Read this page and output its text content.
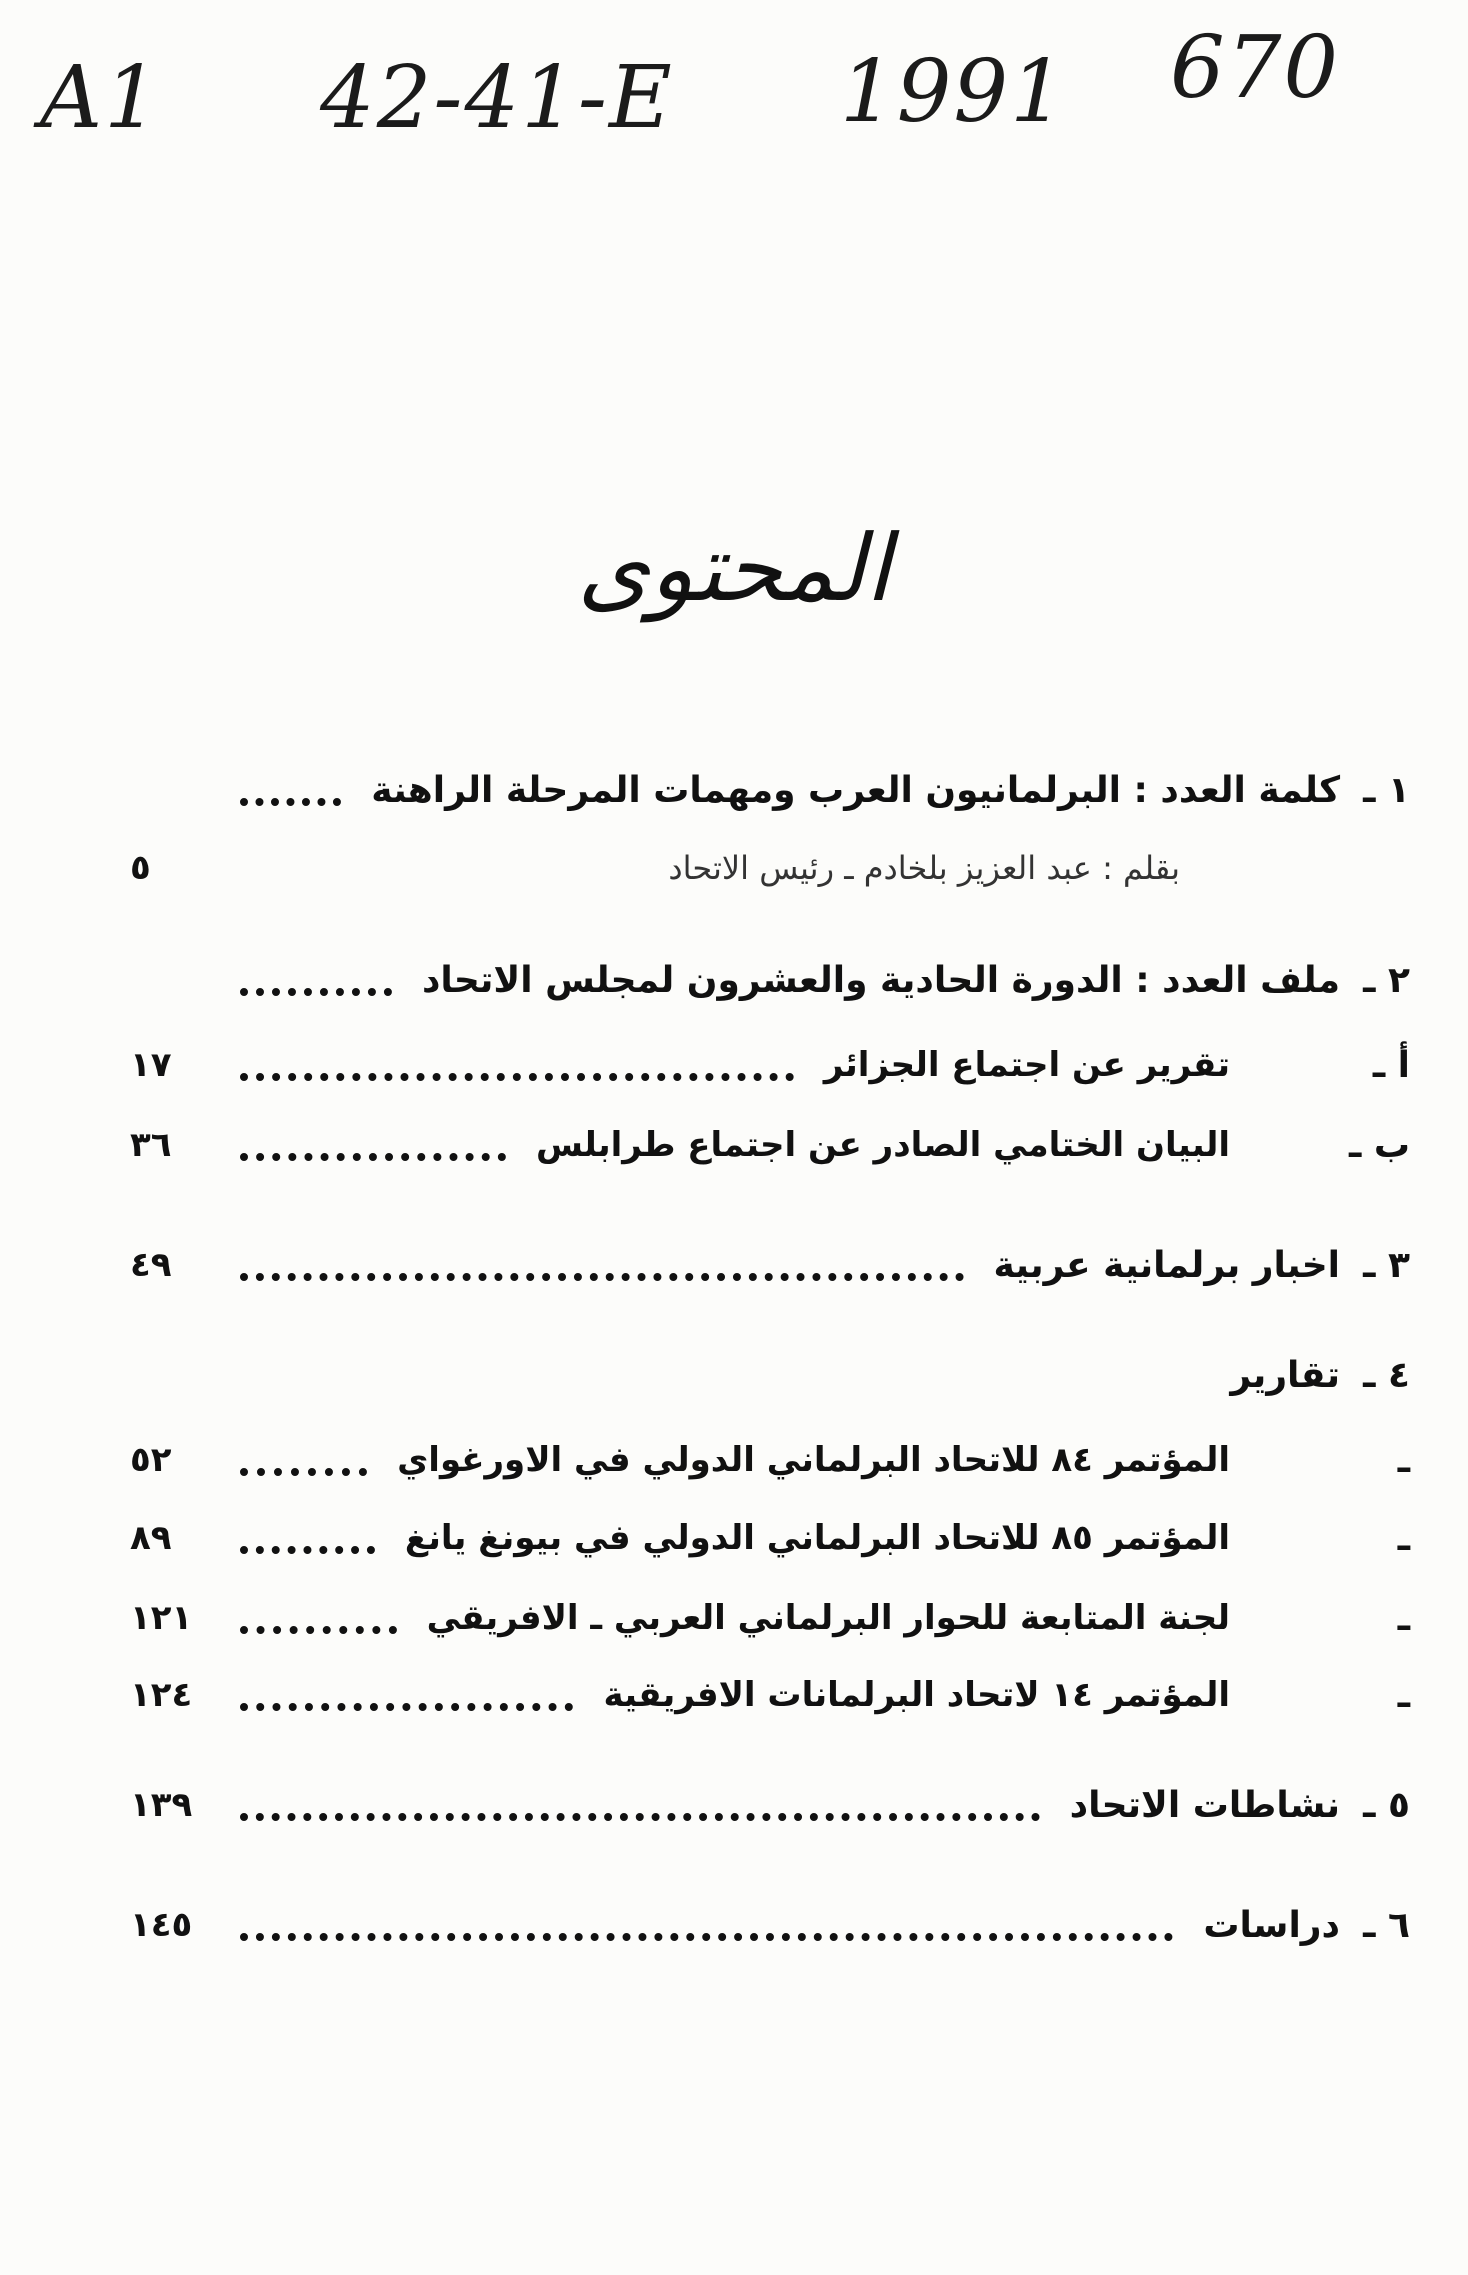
A1 42-41-E 1991 670
المحتوى
١ ـ
كلمة العدد : البرلمانيون العرب ومهمات المرحلة الراهنة
بقلم : عبد العزيز بلخادم ـ رئيس الاتحاد
٥
٢ ـ
ملف العدد : الدورة الحادية والعشرون لمجلس الاتحاد
أ ـ
تقرير عن اجتماع الجزائر
١٧
ب ـ
البيان الختامي الصادر عن اجتماع طرابلس
٣٦
٣ ـ
اخبار برلمانية عربية
٤٩
٤ ـ
تقارير
ـ
المؤتمر ٨٤ للاتحاد البرلماني الدولي في الاورغواي
٥٢
ـ
المؤتمر ٨٥ للاتحاد البرلماني الدولي في بيونغ يانغ
٨٩
ـ
لجنة المتابعة للحوار البرلماني العربي ـ الافريقي
١٢١
ـ
المؤتمر ١٤ لاتحاد البرلمانات الافريقية
١٢٤
٥ ـ
نشاطات الاتحاد
١٣٩
٦ ـ
دراسات
١٤٥
